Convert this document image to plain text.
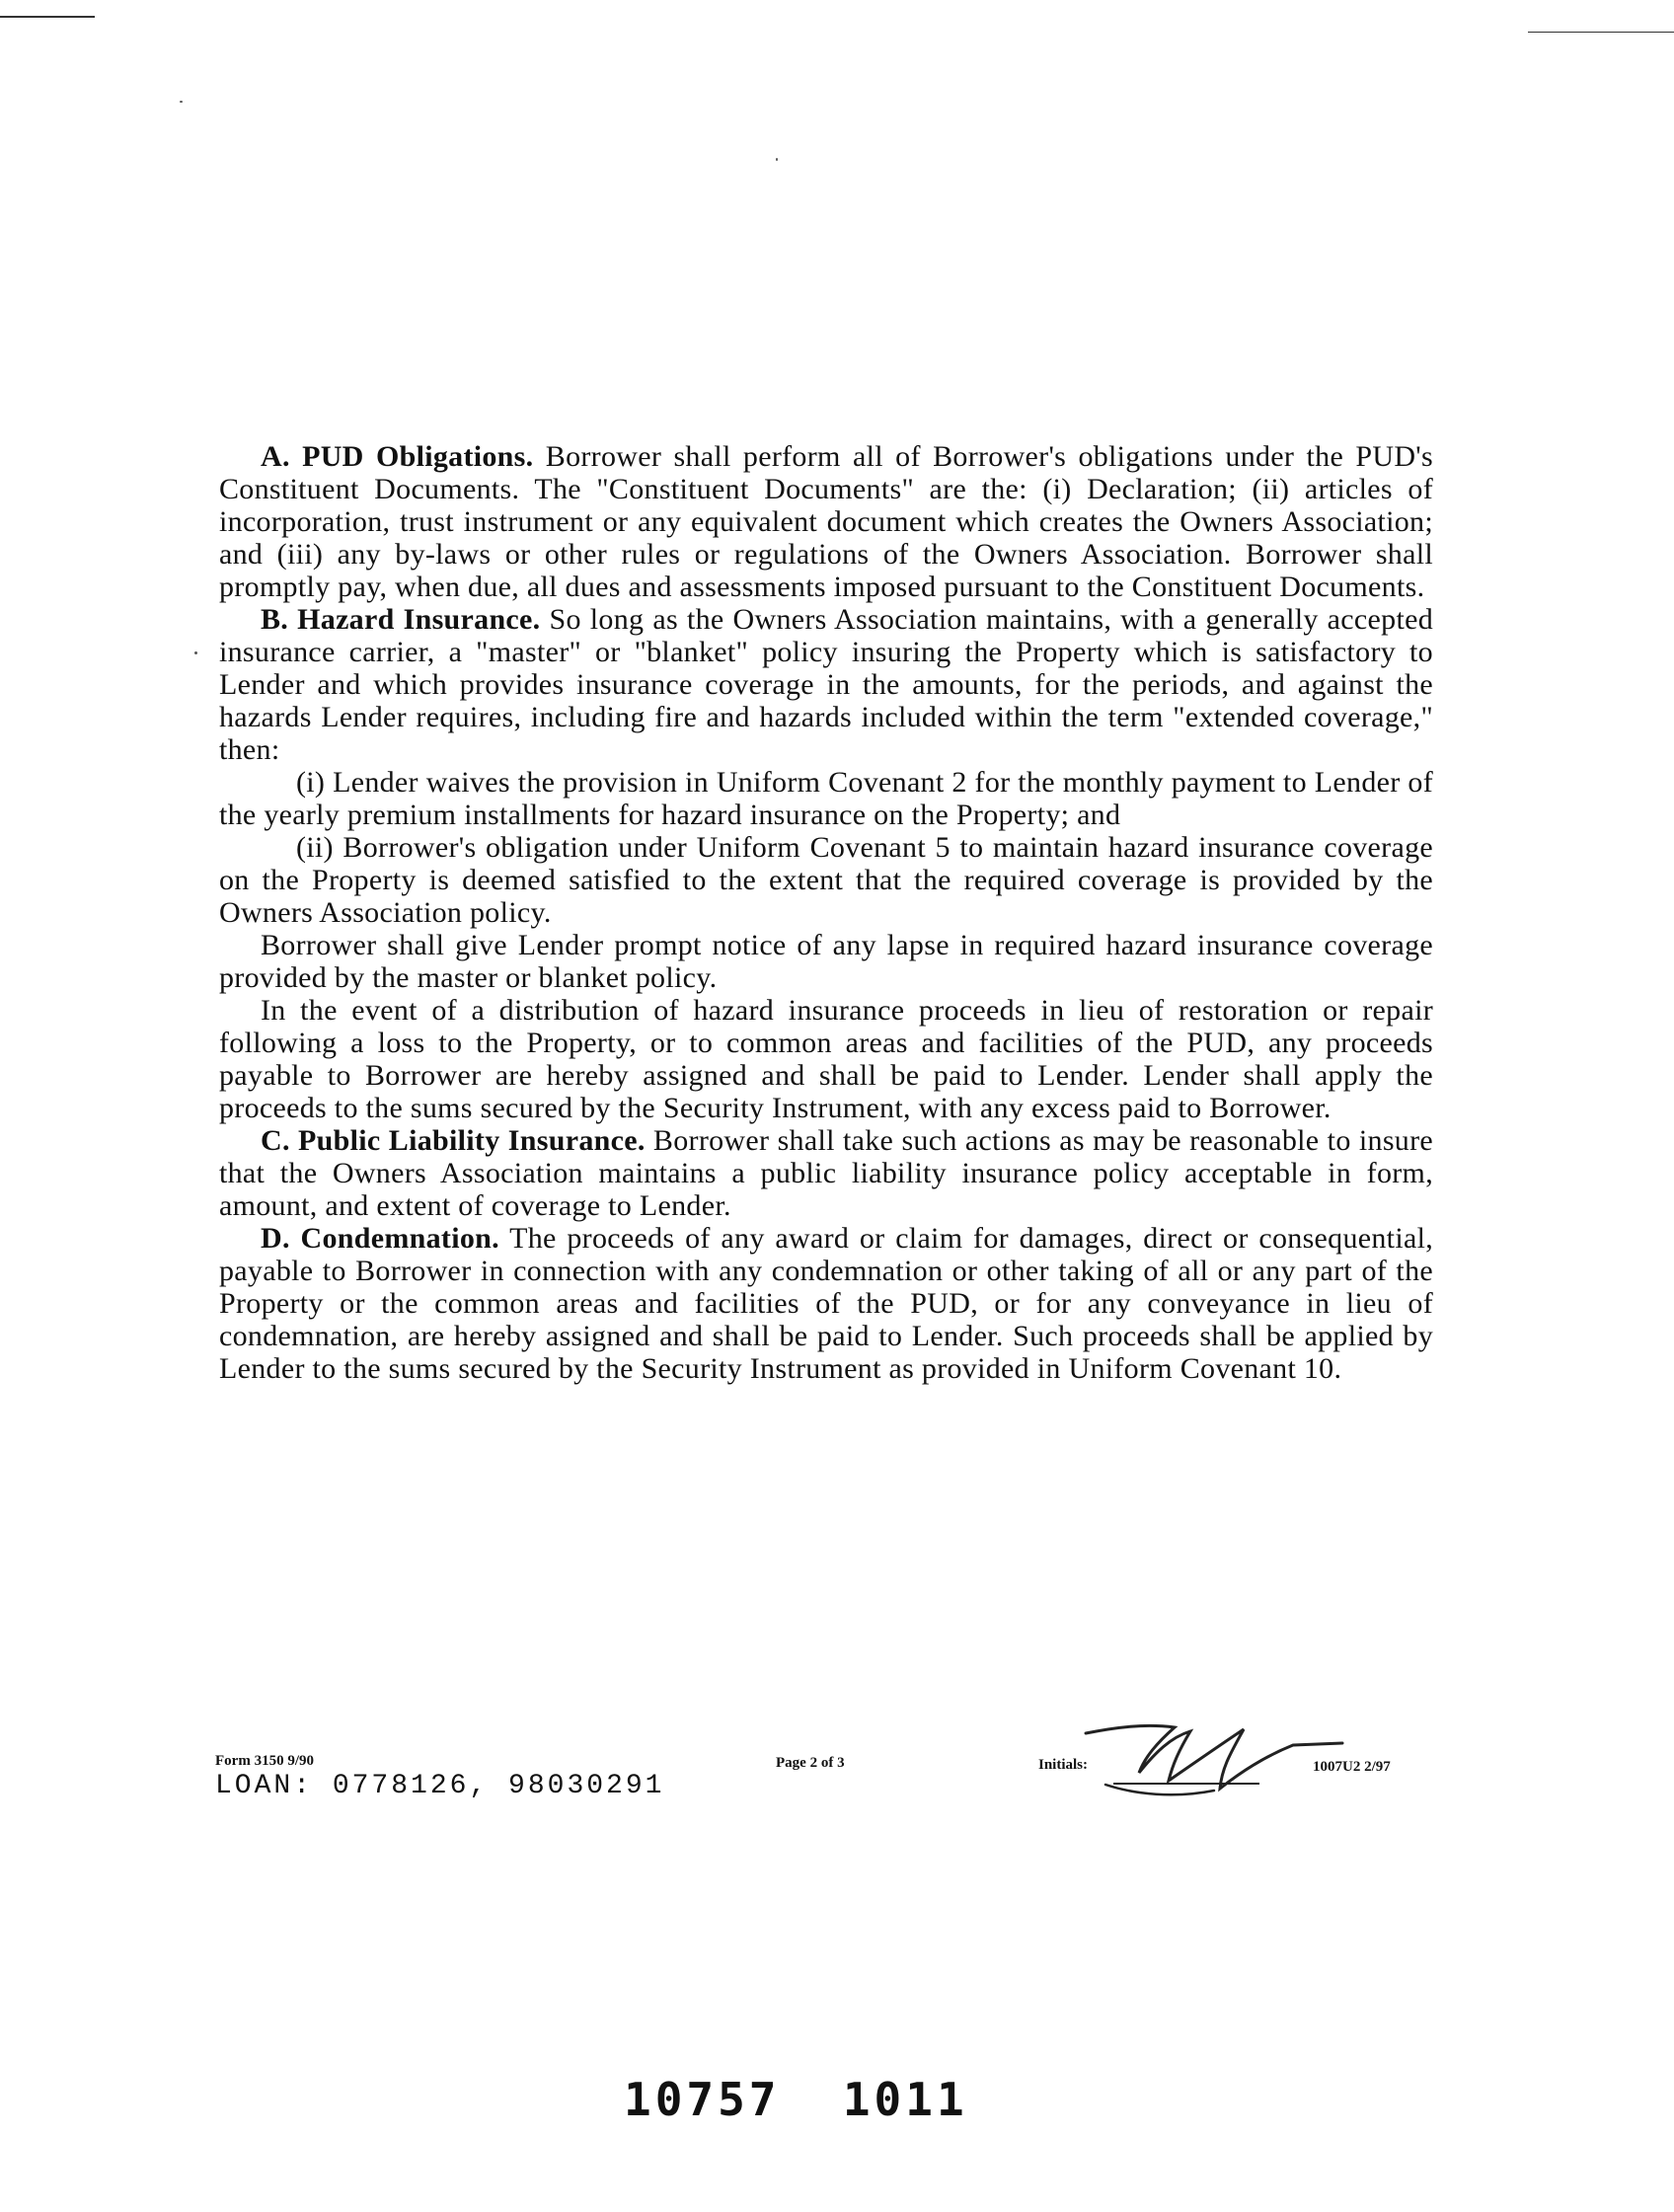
A. PUD Obligations. Borrower shall perform all of Borrower's obligations under the PUD's Constituent Documents. The "Constituent Documents" are the: (i) Declaration; (ii) articles of incorporation, trust instrument or any equivalent document which creates the Owners Association; and (iii) any by-laws or other rules or regulations of the Owners Association. Borrower shall promptly pay, when due, all dues and assessments imposed pursuant to the Constituent Documents.

B. Hazard Insurance. So long as the Owners Association maintains, with a generally accepted insurance carrier, a "master" or "blanket" policy insuring the Property which is satisfactory to Lender and which provides insurance coverage in the amounts, for the periods, and against the hazards Lender requires, including fire and hazards included within the term "extended coverage," then:

(i) Lender waives the provision in Uniform Covenant 2 for the monthly payment to Lender of the yearly premium installments for hazard insurance on the Property; and

(ii) Borrower's obligation under Uniform Covenant 5 to maintain hazard insurance coverage on the Property is deemed satisfied to the extent that the required coverage is provided by the Owners Association policy.

Borrower shall give Lender prompt notice of any lapse in required hazard insurance coverage provided by the master or blanket policy.

In the event of a distribution of hazard insurance proceeds in lieu of restoration or repair following a loss to the Property, or to common areas and facilities of the PUD, any proceeds payable to Borrower are hereby assigned and shall be paid to Lender. Lender shall apply the proceeds to the sums secured by the Security Instrument, with any excess paid to Borrower.

C. Public Liability Insurance. Borrower shall take such actions as may be reasonable to insure that the Owners Association maintains a public liability insurance policy acceptable in form, amount, and extent of coverage to Lender.

D. Condemnation. The proceeds of any award or claim for damages, direct or consequential, payable to Borrower in connection with any condemnation or other taking of all or any part of the Property or the common areas and facilities of the PUD, or for any conveyance in lieu of condemnation, are hereby assigned and shall be paid to Lender. Such proceeds shall be applied by Lender to the sums secured by the Security Instrument as provided in Uniform Covenant 10.

Form 3150 9/90
LOAN: 0778126, 98030291
Page 2 of 3	Initials:	1007U2 2/97
10757  1011
